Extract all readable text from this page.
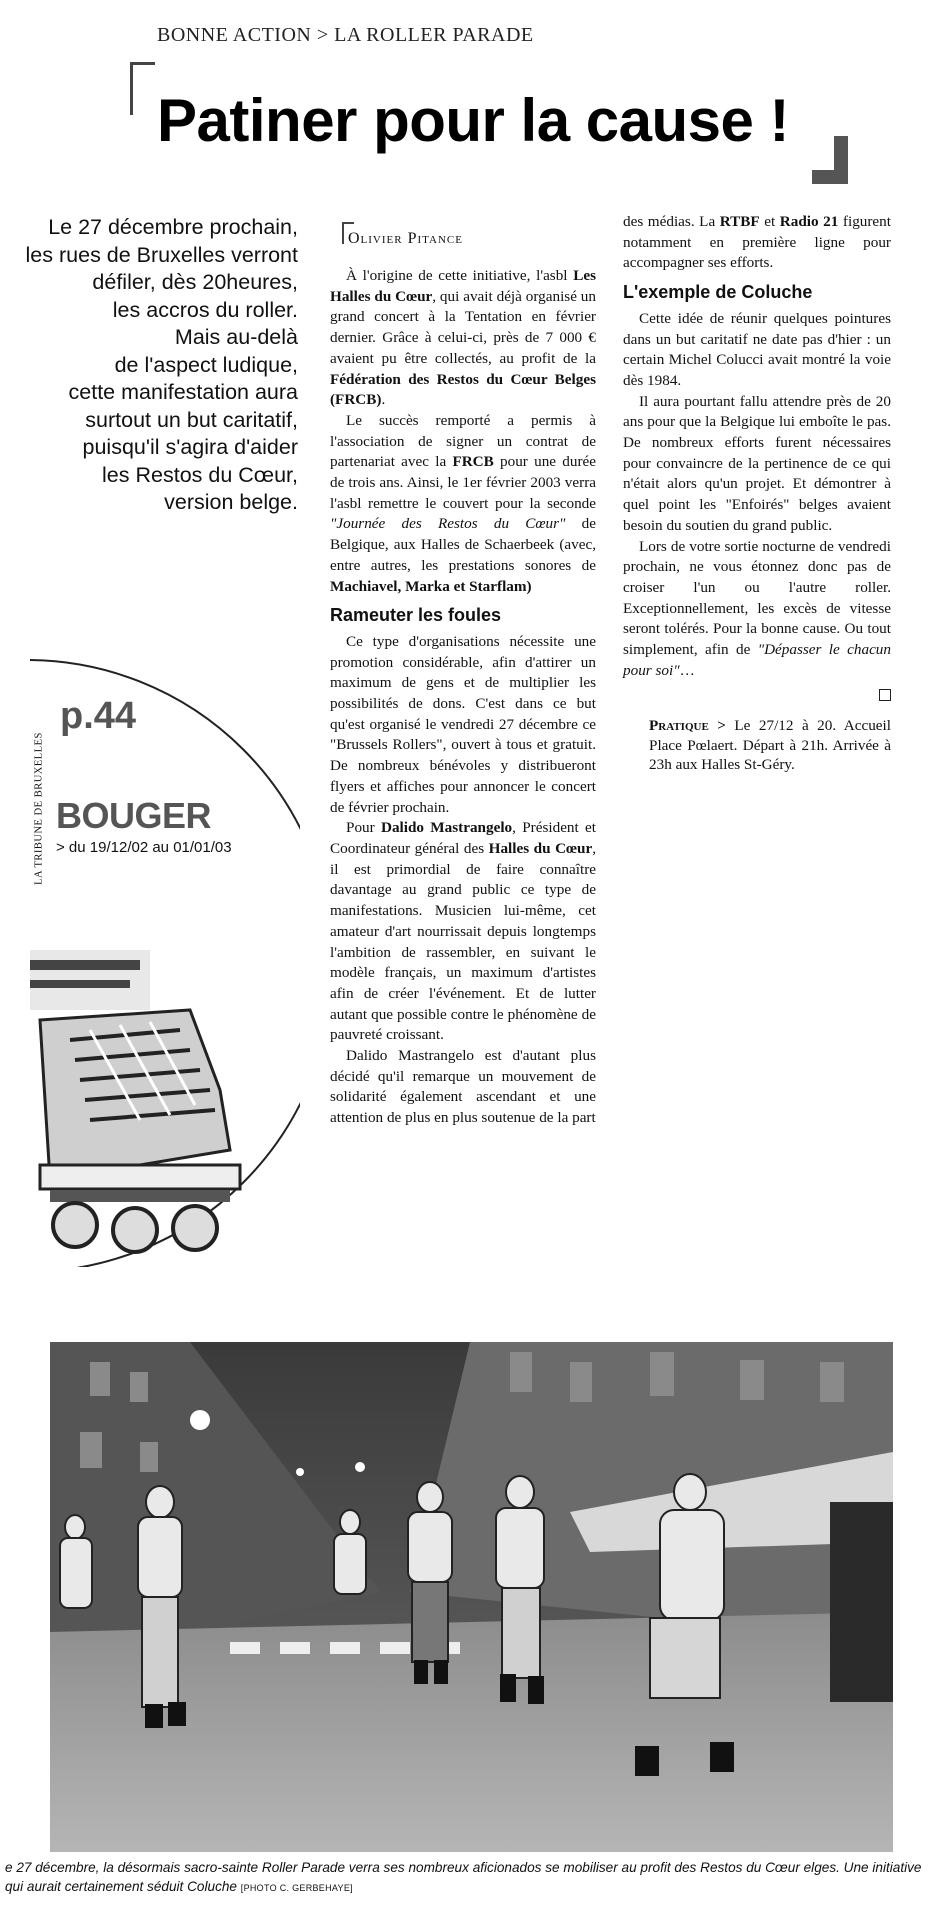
BONNE ACTION > LA ROLLER PARADE
Patiner pour la cause !
Le 27 décembre prochain,
les rues de Bruxelles verront
défiler, dès 20heures,
les accros du roller.
Mais au-delà
de l'aspect ludique,
cette manifestation aura
surtout un but caritatif,
puisqu'il s'agira d'aider
les Restos du Cœur,
version belge.
Olivier Pitance

À l'origine de cette initiative, l'asbl Les Halles du Cœur, qui avait déjà organisé un grand concert à la Tentation en février dernier. Grâce à celui-ci, près de 7 000 € avaient pu être collectés, au profit de la Fédération des Restos du Cœur Belges (FRCB).

Le succès remporté a permis à l'association de signer un contrat de partenariat avec la FRCB pour une durée de trois ans. Ainsi, le 1er février 2003 verra l'asbl remettre le couvert pour la seconde "Journée des Restos du Cœur" de Belgique, aux Halles de Schaerbeek (avec, entre autres, les prestations sonores de Machiavel, Marka et Starflam)

Rameuter les foules

Ce type d'organisations nécessite une promotion considérable, afin d'attirer un maximum de gens et de multiplier les possibilités de dons. C'est dans ce but qu'est organisé le vendredi 27 décembre ce "Brussels Rollers", ouvert à tous et gratuit. De nombreux bénévoles y distribueront flyers et affiches pour annoncer le concert de février prochain.

Pour Dalido Mastrangelo, Président et Coordinateur général des Halles du Cœur, il est primordial de faire connaître davantage au grand public ce type de manifestations. Musicien lui-même, cet amateur d'art nourrissait depuis longtemps l'ambition de rassembler, en suivant le modèle français, un maximum d'artistes afin de créer l'événement. Et de lutter autant que possible contre le phénomène de pauvreté croissant.

Dalido Mastrangelo est d'autant plus décidé qu'il remarque un mouvement de solidarité également ascendant et une attention de plus en plus soutenue de la part

des médias. La RTBF et Radio 21 figurent notamment en première ligne pour accompagner ses efforts.

L'exemple de Coluche

Cette idée de réunir quelques pointures dans un but caritatif ne date pas d'hier : un certain Michel Colucci avait montré la voie dès 1984.

Il aura pourtant fallu attendre près de 20 ans pour que la Belgique lui emboîte le pas. De nombreux efforts furent nécessaires pour convaincre de la pertinence de ce qui n'était alors qu'un projet. Et démontrer à quel point les "Enfoirés" belges avaient besoin du soutien du grand public.

Lors de votre sortie nocturne de vendredi prochain, ne vous étonnez donc pas de croiser l'un ou l'autre roller. Exceptionnellement, les excès de vitesse seront tolérés. Pour la bonne cause. Ou tout simplement, afin de "Dépasser le chacun pour soi"…

Pratique > Le 27/12 à 20. Accueil Place Pœlaert. Départ à 21h. Arrivée à 23h aux Halles St-Géry.
LA TRIBUNE DE BRUXELLES
p.44
BOUGER
> du 19/12/02 au 01/01/03
TBX
WWW.TBX.BE
e 27 décembre, la désormais sacro-sainte Roller Parade verra ses nombreux aficionados se mobiliser au profit des Restos du Cœur elges. Une initiative qui aurait certainement séduit Coluche [PHOTO C. GERBEHAYE]
